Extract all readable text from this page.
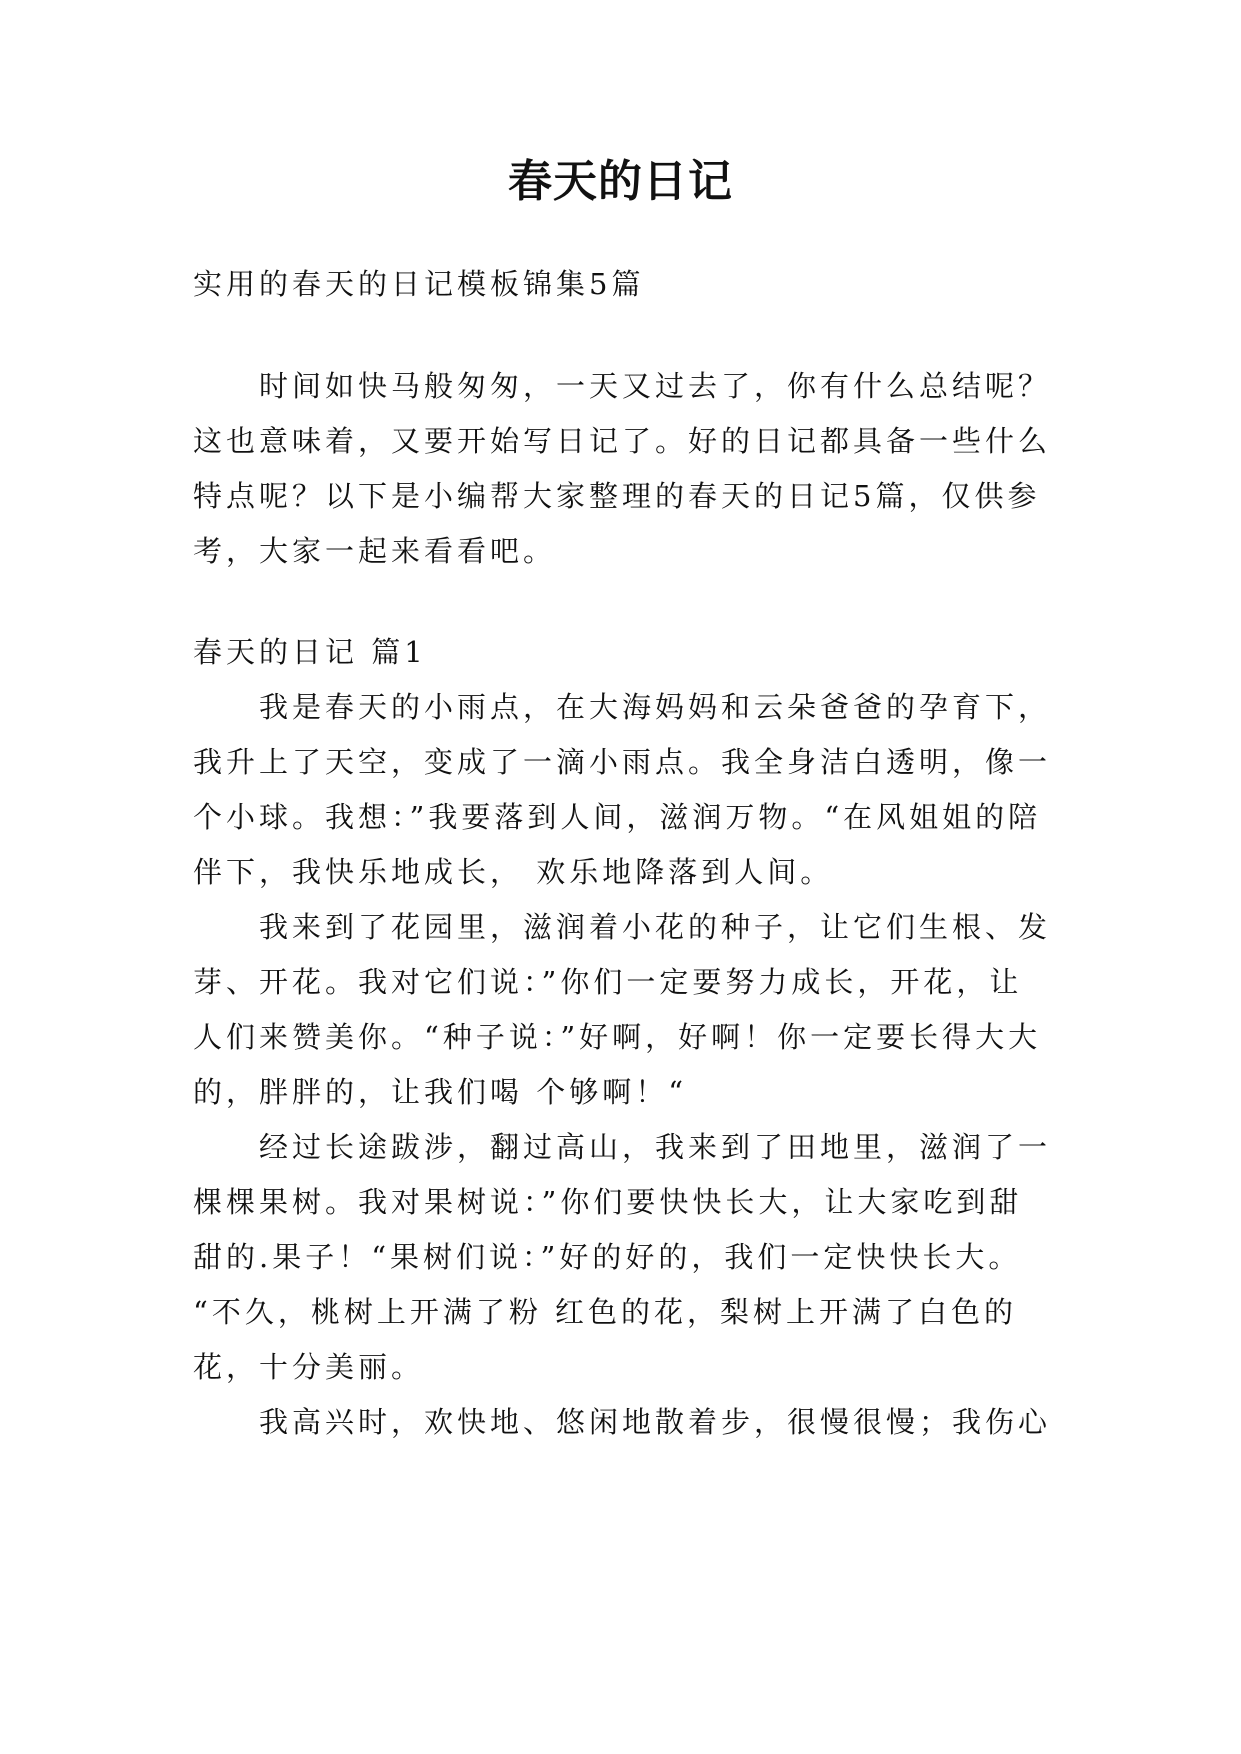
春天的日记
实用的春天的日记模板锦集5篇
　　时间如快马般匆匆，一天又过去了，你有什么总结呢？
这也意味着，又要开始写日记了。好的日记都具备一些什么
特点呢？以下是小编帮大家整理的春天的日记5篇，仅供参
考，大家一起来看看吧。
春天的日记 篇1
　　我是春天的小雨点，在大海妈妈和云朵爸爸的孕育下，
我升上了天空，变成了一滴小雨点。我全身洁白透明，像一
个小球。我想：”我要落到人间，滋润万物。“在风姐姐的陪
伴下，我快乐地成长， 欢乐地降落到人间。
　　我来到了花园里，滋润着小花的种子，让它们生根、发
芽、开花。我对它们说：”你们一定要努力成长，开花，让
人们来赞美你。“种子说：”好啊，好啊！你一定要长得大大
的，胖胖的，让我们喝 个够啊！“
　　经过长途跋涉，翻过高山，我来到了田地里，滋润了一
棵棵果树。我对果树说：”你们要快快长大，让大家吃到甜
甜的.果子！“果树们说：”好的好的，我们一定快快长大。
“不久，桃树上开满了粉 红色的花，梨树上开满了白色的
花，十分美丽。
　　我高兴时，欢快地、悠闲地散着步，很慢很慢；我伤心
